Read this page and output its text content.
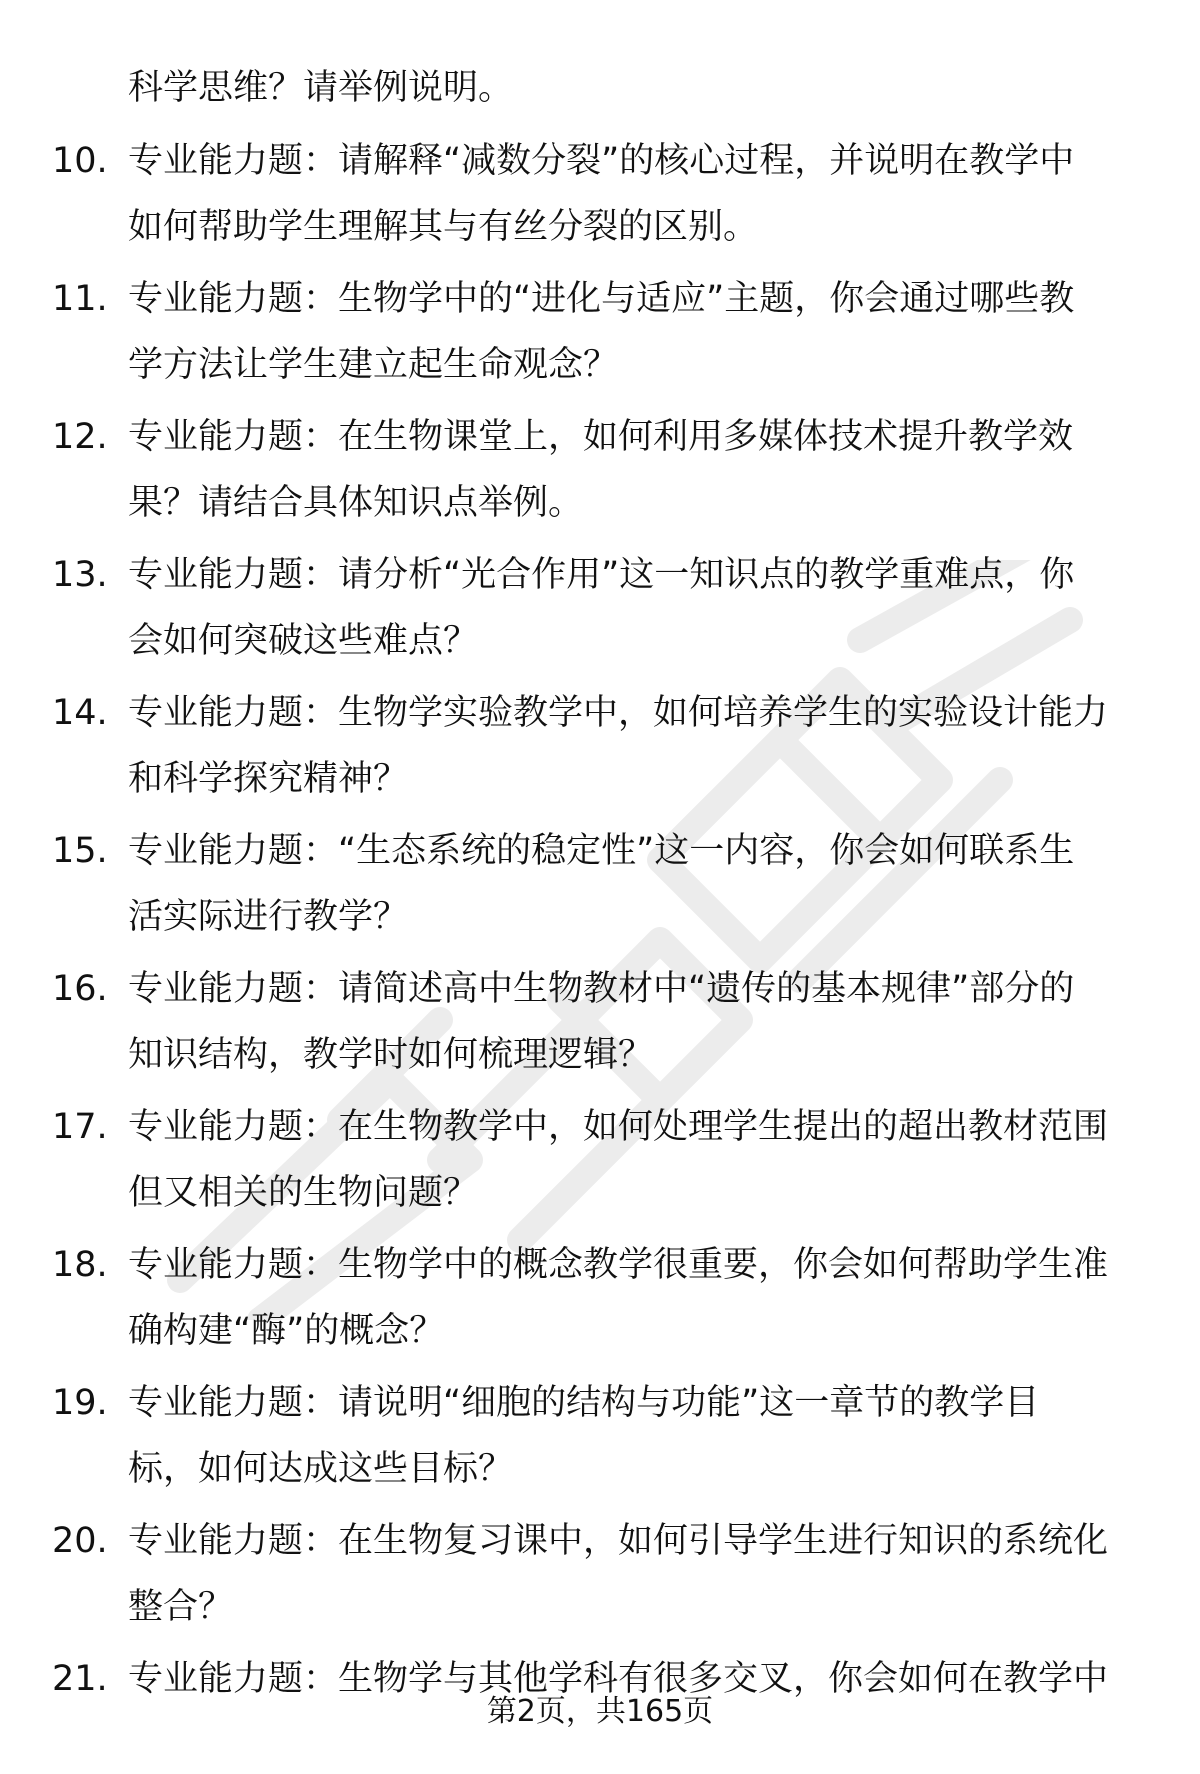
科学思维？请举例说明。
10. 专业能力题：请解释“减数分裂”的核心过程，并说明在教学中
如何帮助学生理解其与有丝分裂的区别。
11. 专业能力题：生物学中的“进化与适应”主题，你会通过哪些教
学方法让学生建立起生命观念？
12. 专业能力题：在生物课堂上，如何利用多媒体技术提升教学效
果？请结合具体知识点举例。
13. 专业能力题：请分析“光合作用”这一知识点的教学重难点，你
会如何突破这些难点？
14. 专业能力题：生物学实验教学中，如何培养学生的实验设计能力
和科学探究精神？
15. 专业能力题：“生态系统的稳定性”这一内容，你会如何联系生
活实际进行教学？
16. 专业能力题：请简述高中生物教材中“遗传的基本规律”部分的
知识结构，教学时如何梳理逻辑？
17. 专业能力题：在生物教学中，如何处理学生提出的超出教材范围
但又相关的生物问题？
18. 专业能力题：生物学中的概念教学很重要，你会如何帮助学生准
确构建“酶”的概念？
19. 专业能力题：请说明“细胞的结构与功能”这一章节的教学目
标，如何达成这些目标？
20. 专业能力题：在生物复习课中，如何引导学生进行知识的系统化
整合？
21. 专业能力题：生物学与其他学科有很多交叉，你会如何在教学中
第2页，共165页
